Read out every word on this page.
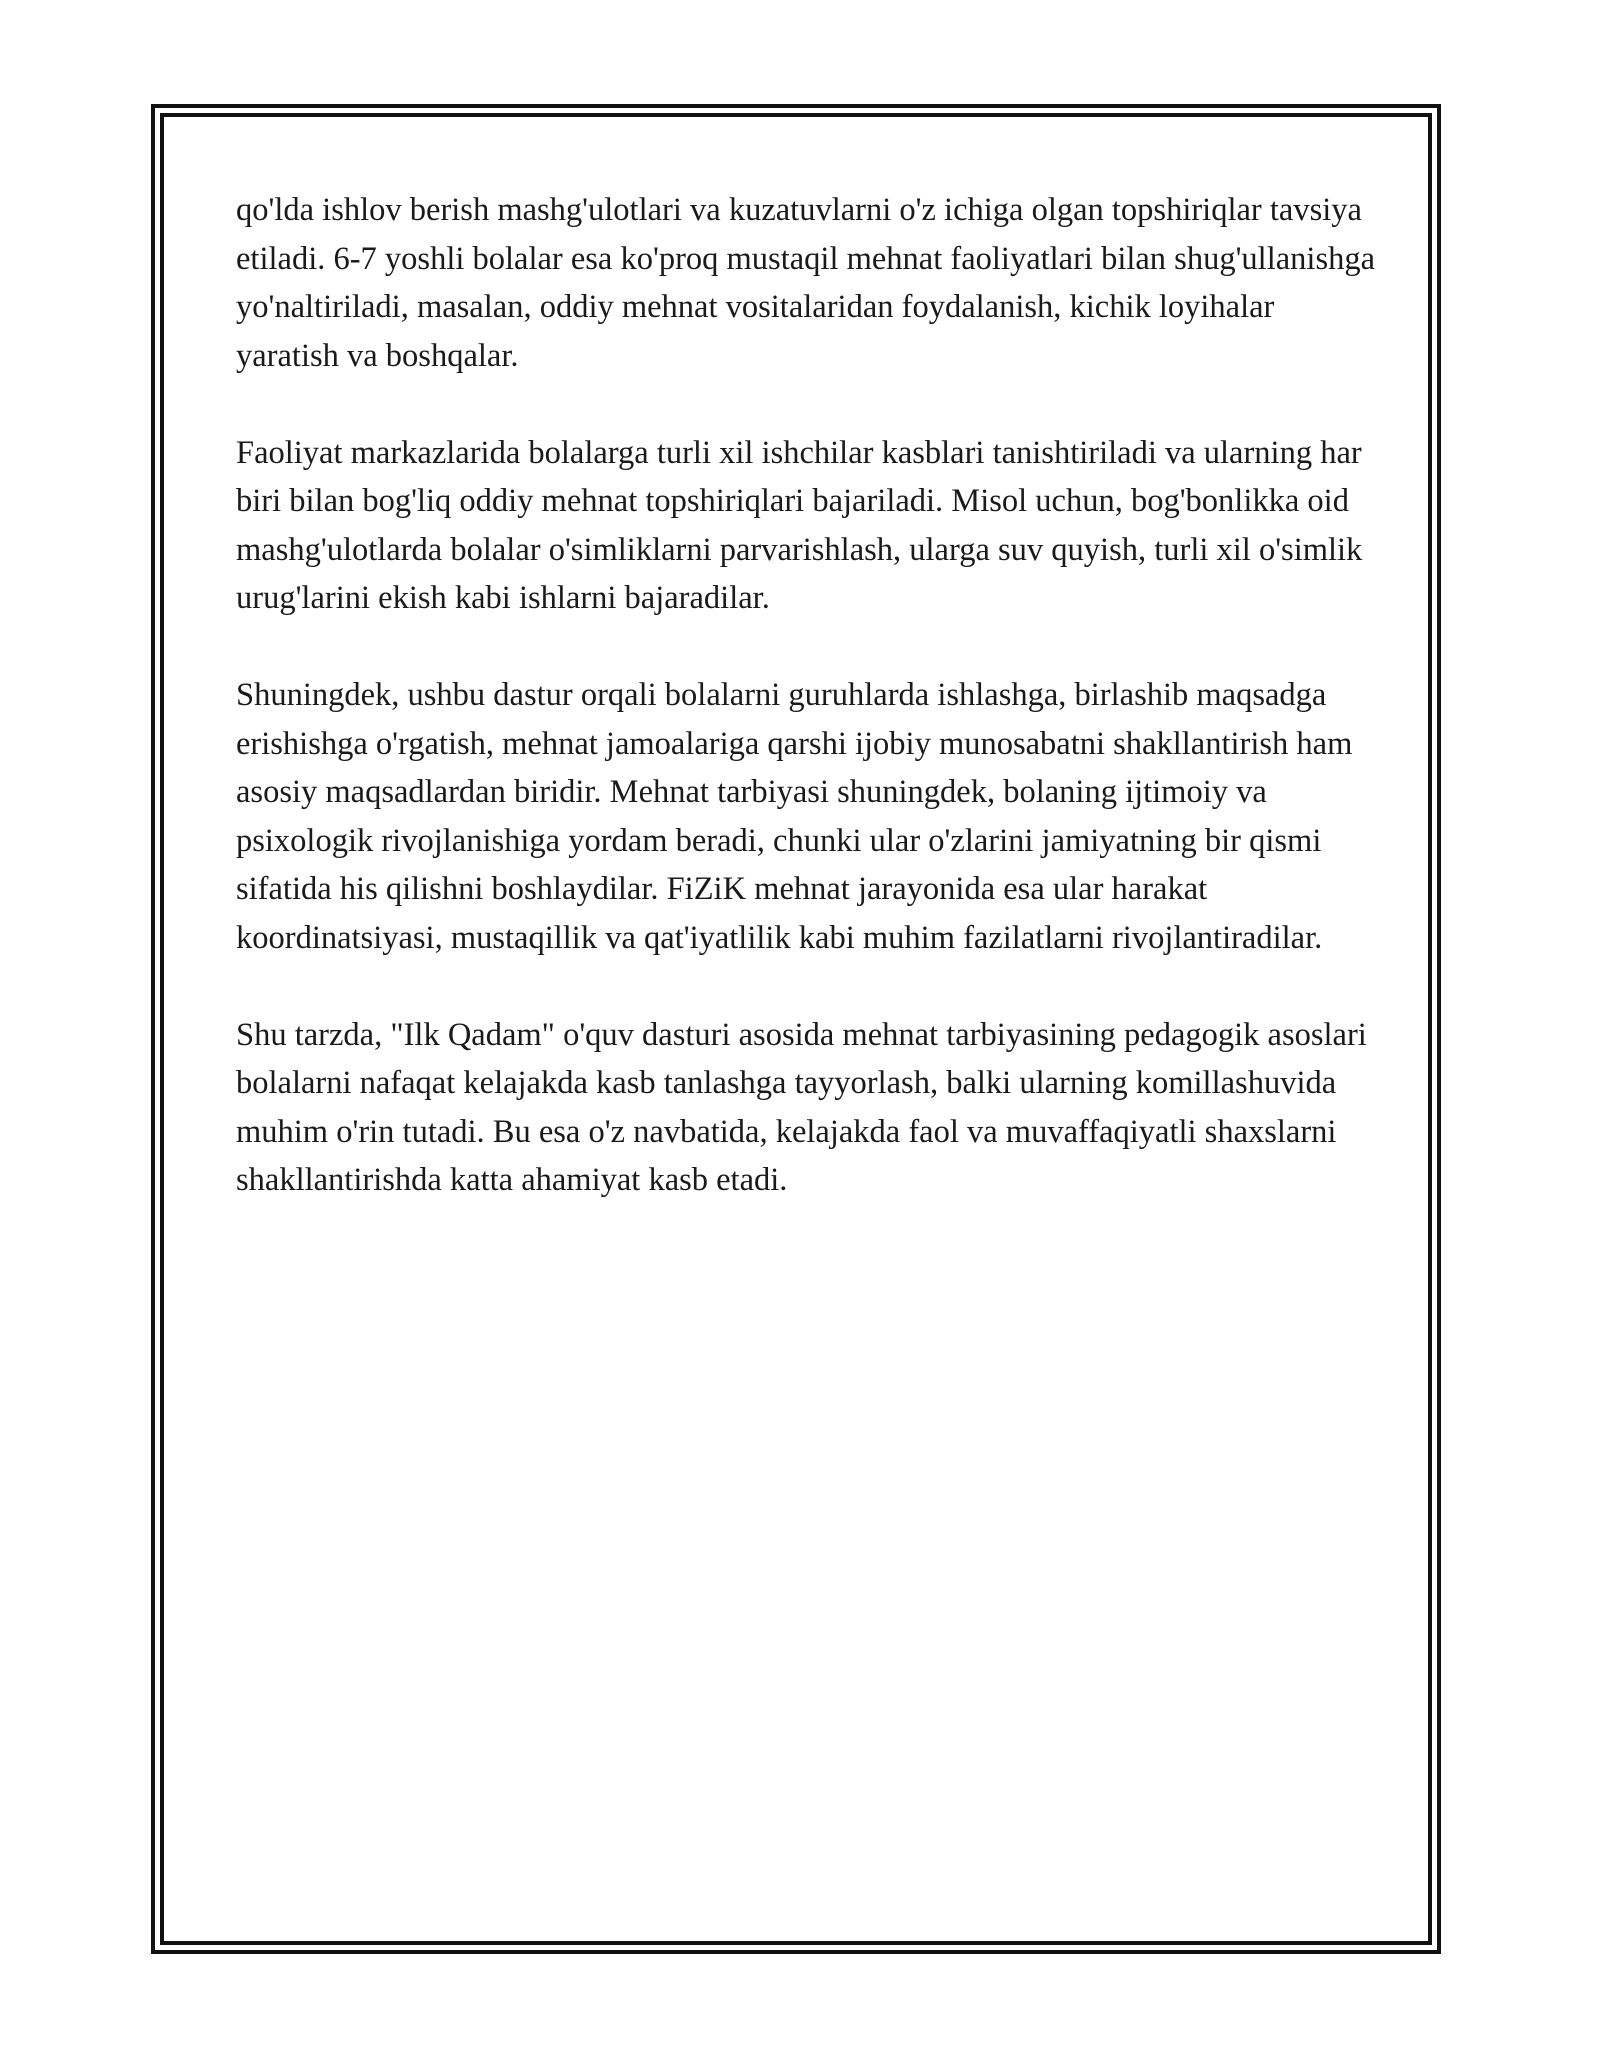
qo'lda ishlov berish mashg'ulotlari va kuzatuvlarni o'z ichiga olgan topshiriqlar tavsiya etiladi. 6-7 yoshli bolalar esa ko'proq mustaqil mehnat faoliyatlari bilan shug'ullanishga yo'naltiriladi, masalan, oddiy mehnat vositalaridan foydalanish, kichik loyihalar yaratish va boshqalar.

Faoliyat markazlarida bolalarga turli xil ishchilar kasblari tanishtiriladi va ularning har biri bilan bog'liq oddiy mehnat topshiriqlari bajariladi. Misol uchun, bog'bonlikka oid mashg'ulotlarda bolalar o'simliklarni parvarishlash, ularga suv quyish, turli xil o'simlik urug'larini ekish kabi ishlarni bajaradilar.

Shuningdek, ushbu dastur orqali bolalarni guruhlarda ishlashga, birlashib maqsadga erishishga o'rgatish, mehnat jamoalariga qarshi ijobiy munosabatni shakllantirish ham asosiy maqsadlardan biridir. Mehnat tarbiyasi shuningdek, bolaning ijtimoiy va psixologik rivojlanishiga yordam beradi, chunki ular o'zlarini jamiyatning bir qismi sifatida his qilishni boshlaydilar. FiZiK mehnat jarayonida esa ular harakat koordinatsiyasi, mustaqillik va qat'iyatlilik kabi muhim fazilatlarni rivojlantiradilar.

Shu tarzda, "Ilk Qadam" o'quv dasturi asosida mehnat tarbiyasining pedagogik asoslari bolalarni nafaqat kelajakda kasb tanlashga tayyorlash, balki ularning komillashuvida muhim o'rin tutadi. Bu esa o'z navbatida, kelajakda faol va muvaffaqiyatli shaxslarni shakllantirishda katta ahamiyat kasb etadi.
